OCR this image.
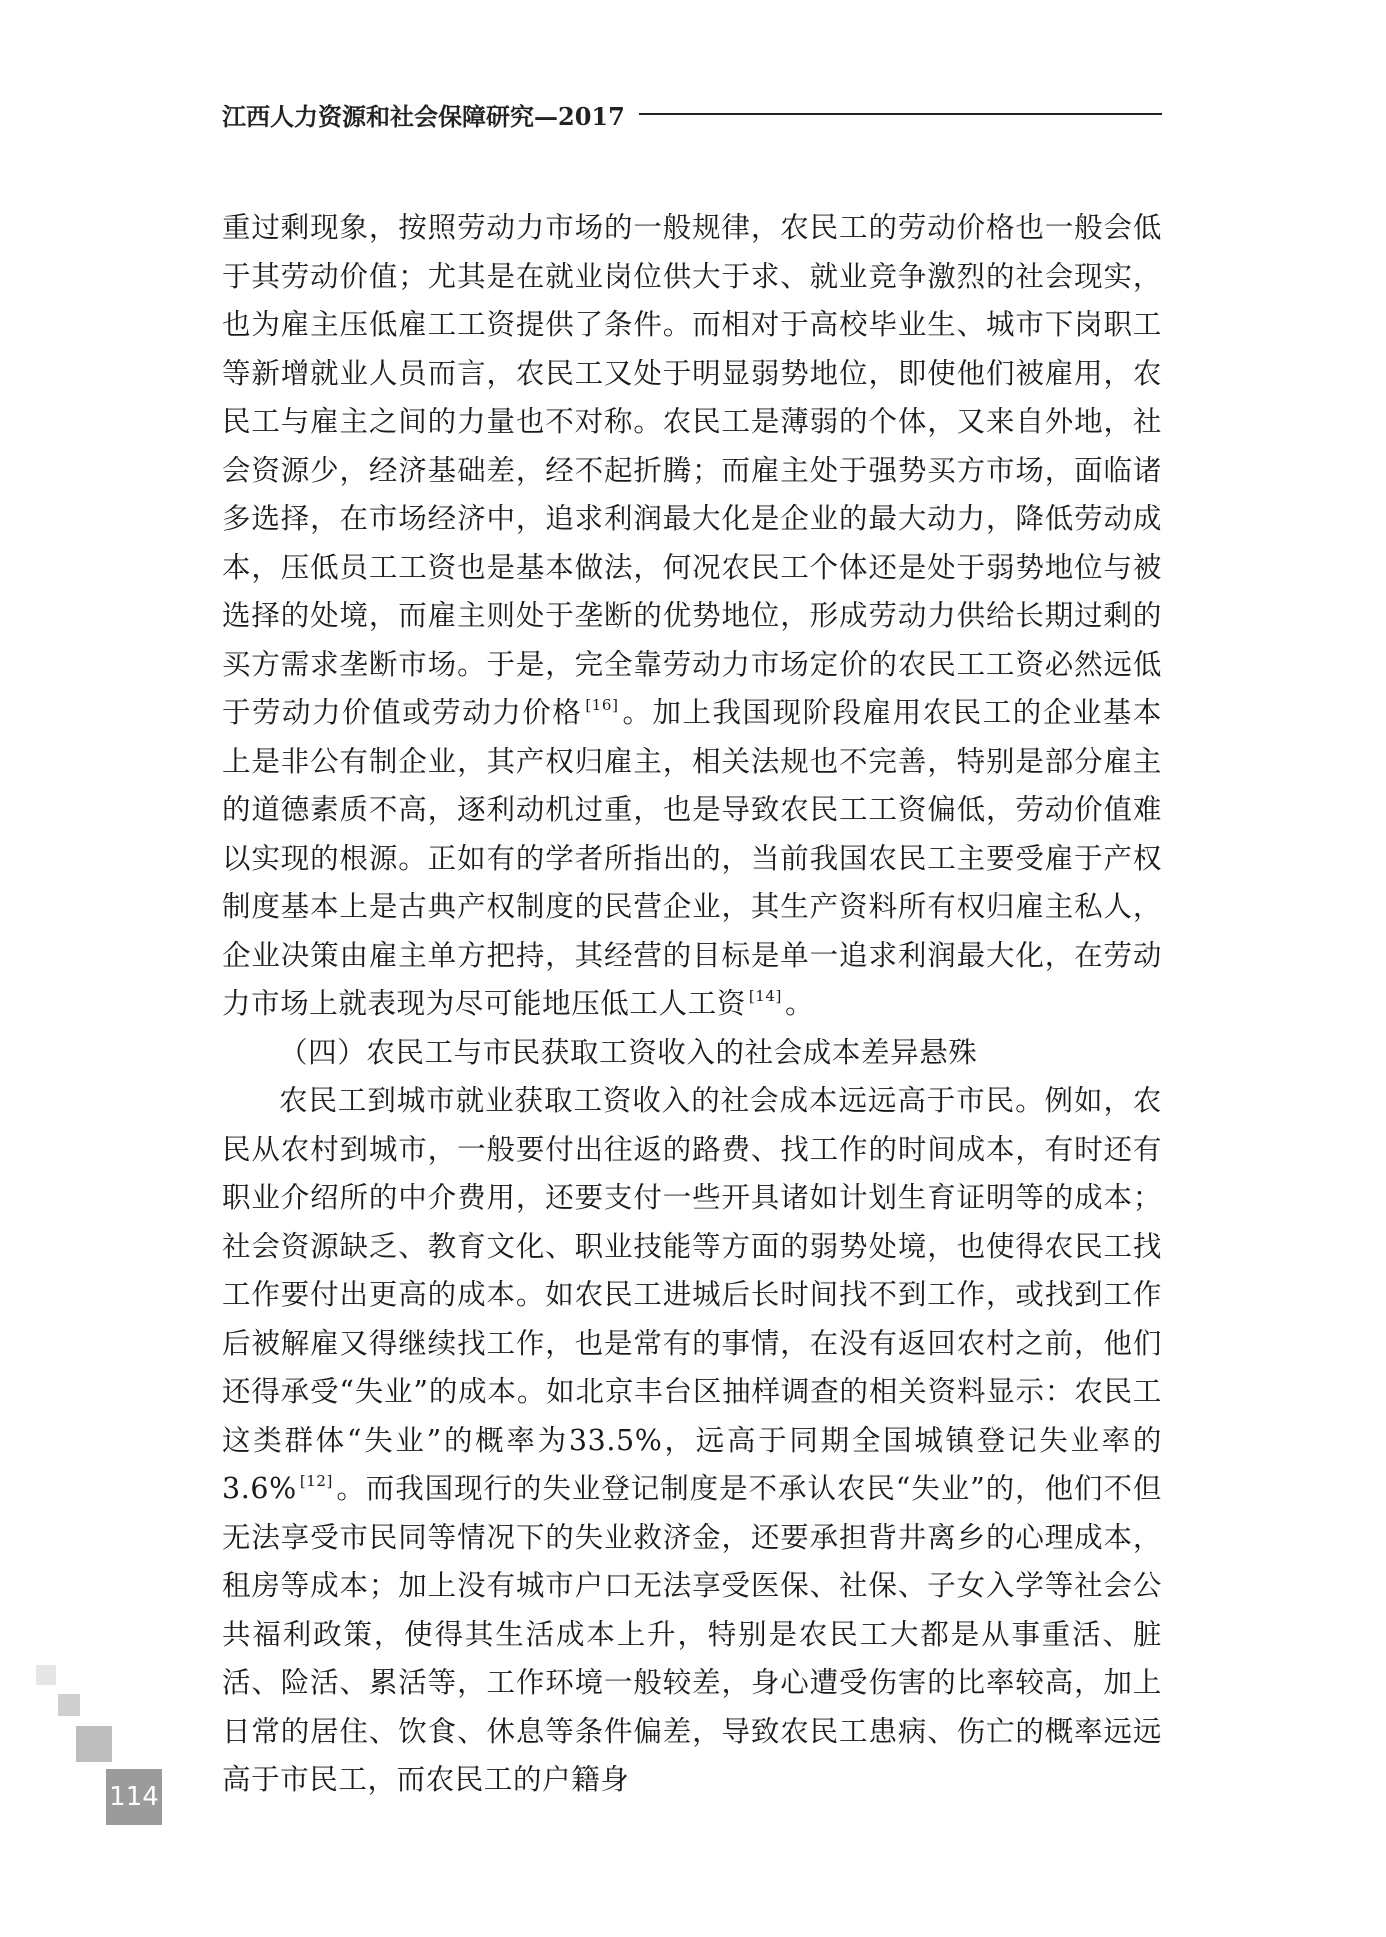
江西人力资源和社会保障研究—2017

重过剩现象，按照劳动力市场的一般规律，农民工的劳动价格也一般会低于其劳动价值；尤其是在就业岗位供大于求、就业竞争激烈的社会现实，也为雇主压低雇工工资提供了条件。而相对于高校毕业生、城市下岗职工等新增就业人员而言，农民工又处于明显弱势地位，即使他们被雇用，农民工与雇主之间的力量也不对称。农民工是薄弱的个体，又来自外地，社会资源少，经济基础差，经不起折腾；而雇主处于强势买方市场，面临诸多选择，在市场经济中，追求利润最大化是企业的最大动力，降低劳动成本，压低员工工资也是基本做法，何况农民工个体还是处于弱势地位与被选择的处境，而雇主则处于垄断的优势地位，形成劳动力供给长期过剩的买方需求垄断市场。于是，完全靠劳动力市场定价的农民工工资必然远低于劳动力价值或劳动力价格 [16] 。加上我国现阶段雇用农民工的企业基本上是非公有制企业，其产权归雇主，相关法规也不完善，特别是部分雇主的道德素质不高，逐利动机过重，也是导致农民工工资偏低，劳动价值难以实现的根源。正如有的学者所指出的，当前我国农民工主要受雇于产权制度基本上是古典产权制度的民营企业，其生产资料所有权归雇主私人，企业决策由雇主单方把持，其经营的目标是单一追求利润最大化，在劳动力市场上就表现为尽可能地压低工人工资 [14] 。

（四）农民工与市民获取工资收入的社会成本差异悬殊

农民工到城市就业获取工资收入的社会成本远远高于市民。例如，农民从农村到城市，一般要付出往返的路费、找工作的时间成本，有时还有职业介绍所的中介费用，还要支付一些开具诸如计划生育证明等的成本；社会资源缺乏、教育文化、职业技能等方面的弱势处境，也使得农民工找工作要付出更高的成本。如农民工进城后长时间找不到工作，或找到工作后被解雇又得继续找工作，也是常有的事情，在没有返回农村之前，他们还得承受“失业”的成本。如北京丰台区抽样调查的相关资料显示：农民工这类群体“失业”的概率为33.5%，远高于同期全国城镇登记失业率的3.6% [12] 。而我国现行的失业登记制度是不承认农民“失业”的，他们不但无法享受市民同等情况下的失业救济金，还要承担背井离乡的心理成本，租房等成本；加上没有城市户口无法享受医保、社保、子女入学等社会公共福利政策，使得其生活成本上升，特别是农民工大都是从事重活、脏活、险活、累活等，工作环境一般较差，身心遭受伤害的比率较高，加上日常的居住、饮食、休息等条件偏差，导致农民工患病、伤亡的概率远远高于市民工，而农民工的户籍身

114
